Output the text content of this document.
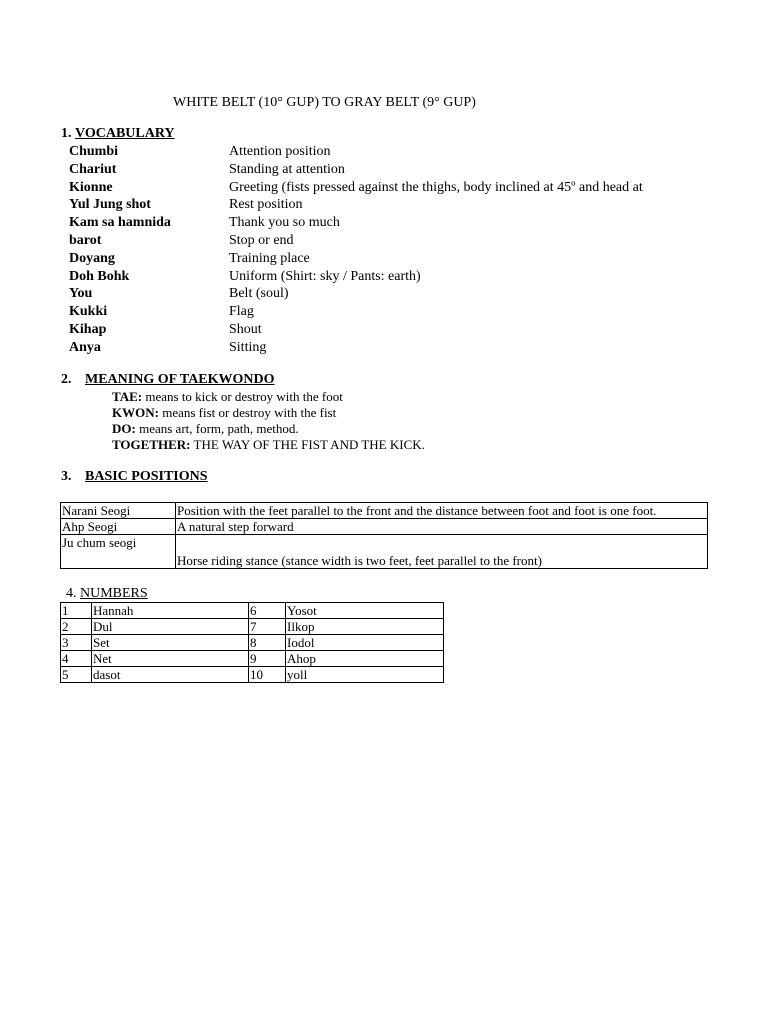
WHITE BELT (10° GUP) TO GRAY BELT (9° GUP)
1. VOCABULARY
Chumbi	Attention position
Chariut	Standing at attention
Kionne	Greeting (fists pressed against the thighs, body inclined at 45º and head at
Yul Jung shot	Rest position
Kam sa hamnida	Thank you so much
barot	Stop or end
Doyang	Training place
Doh Bohk	Uniform (Shirt: sky / Pants: earth)
You	Belt (soul)
Kukki	Flag
Kihap	Shout
Anya	Sitting
2. MEANING OF TAEKWONDO
TAE: means to kick or destroy with the foot
KWON: means fist or destroy with the fist
DO: means art, form, path, method.
TOGETHER: THE WAY OF THE FIST AND THE KICK.
3. BASIC POSITIONS
Narani Seogi	Position with the feet parallel to the front and the distance between foot and foot is one foot.
Ahp Seogi	A natural step forward
Ju chum seogi	Horse riding stance (stance width is two feet, feet parallel to the front)
4. NUMBERS
1	Hannah	6	Yosot
2	Dul	7	Ilkop
3	Set	8	Iodol
4	Net	9	Ahop
5	dasot	10	yoll
